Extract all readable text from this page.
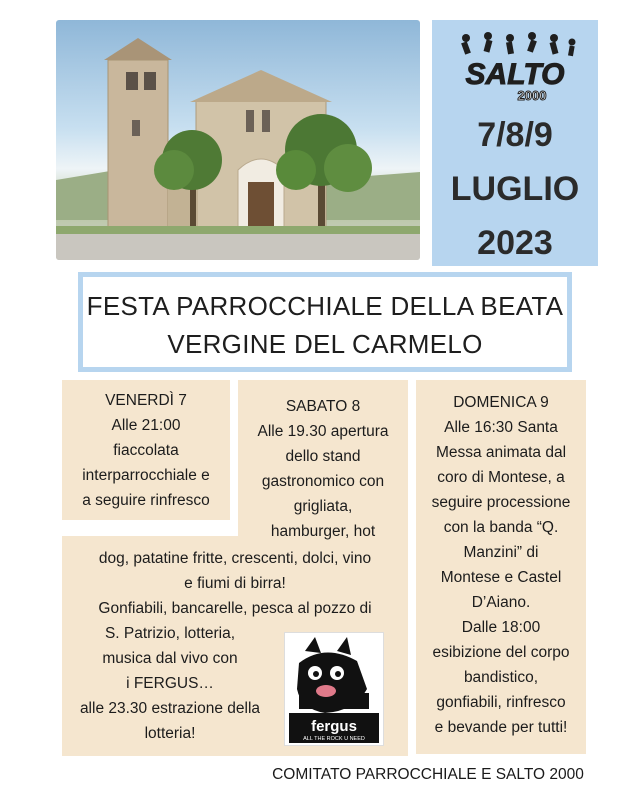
SALTO
2000
7/8/9
LUGLIO
2023
FESTA PARROCCHIALE DELLA BEATA
VERGINE DEL CARMELO
VENERDÌ 7
Alle 21:00
fiaccolata
interparrocchiale e
a seguire rinfresco
SABATO 8
Alle 19.30 apertura
dello stand
gastronomico con
grigliata,
hamburger, hot
dog, patatine fritte, crescenti, dolci, vino
e fiumi di birra!
Gonfiabili, bancarelle, pesca al pozzo di
S. Patrizio, lotteria,
musica dal vivo con
i FERGUS…
alle 23.30 estrazione della
lotteria!	fergus
ALL THE ROCK U NEED
DOMENICA 9
Alle 16:30 Santa
Messa animata dal
coro di Montese, a
seguire processione
con la banda “Q.
Manzini” di
Montese e Castel
D’Aiano.
Dalle 18:00
esibizione del corpo
bandistico,
gonfiabili, rinfresco
e bevande per tutti!
COMITATO PARROCCHIALE E SALTO 2000
